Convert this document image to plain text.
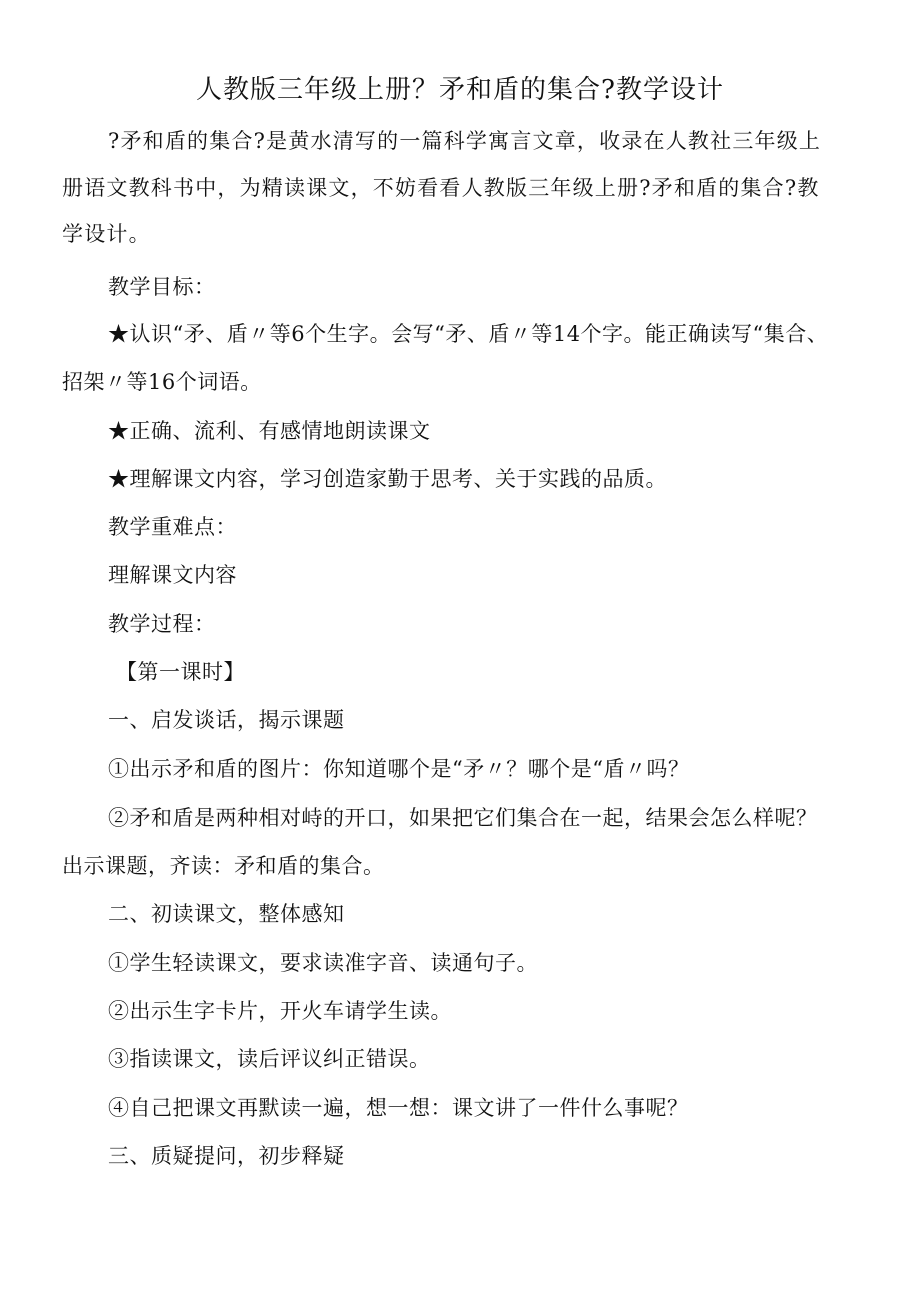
人教版三年级上册？矛和盾的集合?教学设计

?矛和盾的集合?是黄水清写的一篇科学寓言文章，收录在人教社三年级上册语文教科书中，为精读课文，不妨看看人教版三年级上册?矛和盾的集合?教学设计。

教学目标：

★认识“矛、盾〃等6个生字。会写“矛、盾〃等14个字。能正确读写“集合、招架〃等16个词语。

★正确、流利、有感情地朗读课文

★理解课文内容，学习创造家勤于思考、关于实践的品质。

教学重难点：

理解课文内容

教学过程：

【第一课时】

一、启发谈话，揭示课题

①出示矛和盾的图片：你知道哪个是“矛〃？哪个是“盾〃吗？

②矛和盾是两种相对峙的开口，如果把它们集合在一起，结果会怎么样呢？出示课题，齐读：矛和盾的集合。

二、初读课文，整体感知

①学生轻读课文，要求读准字音、读通句子。

②出示生字卡片，开火车请学生读。

③指读课文，读后评议纠正错误。

④自己把课文再默读一遍，想一想：课文讲了一件什么事呢？

三、质疑提问，初步释疑
